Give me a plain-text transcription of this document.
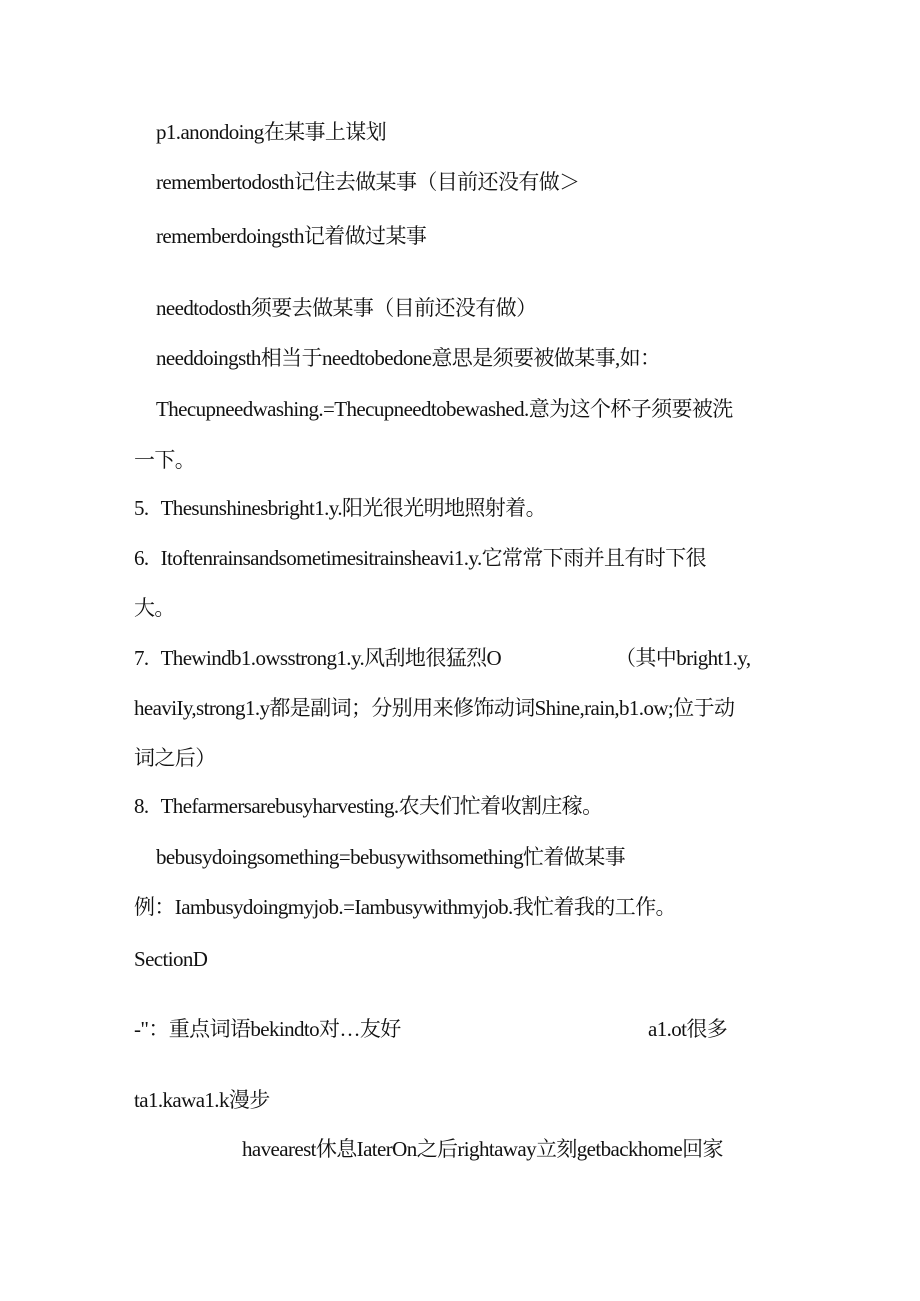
p1.anondoing在某事上谋划
remembertodosth记住去做某事（目前还没有做＞
rememberdoingsth记着做过某事
needtodosth须要去做某事（目前还没有做）
needdoingsth相当于needtobedone意思是须要被做某事,如：
Thecupneedwashing.=Thecupneedtobewashed.意为这个杯子须要被洗
一下。
5. Thesunshinesbright1.y.阳光很光明地照射着。
6. Itoftenrainsandsometimesitrainsheavi1.y.它常常下雨并且有时下很
大。
7. Thewindb1.owsstrong1.y.风刮地很猛烈O	（其中bright1.y,
heaviIy,strong1.y都是副词；分别用来修饰动词Shine,rain,b1.ow;位于动
词之后）
8. Thefarmersarebusyharvesting.农夫们忙着收割庄稼。
bebusydoingsomething=bebusywithsomething忙着做某事
例：Iambusydoingmyjob.=Iambusywithmyjob.我忙着我的工作。
SectionD
-"：重点词语bekindto对…友好	a1.ot很多
ta1.kawa1.k漫步
havearest休息IaterOn之后rightaway立刻getbackhome回家
